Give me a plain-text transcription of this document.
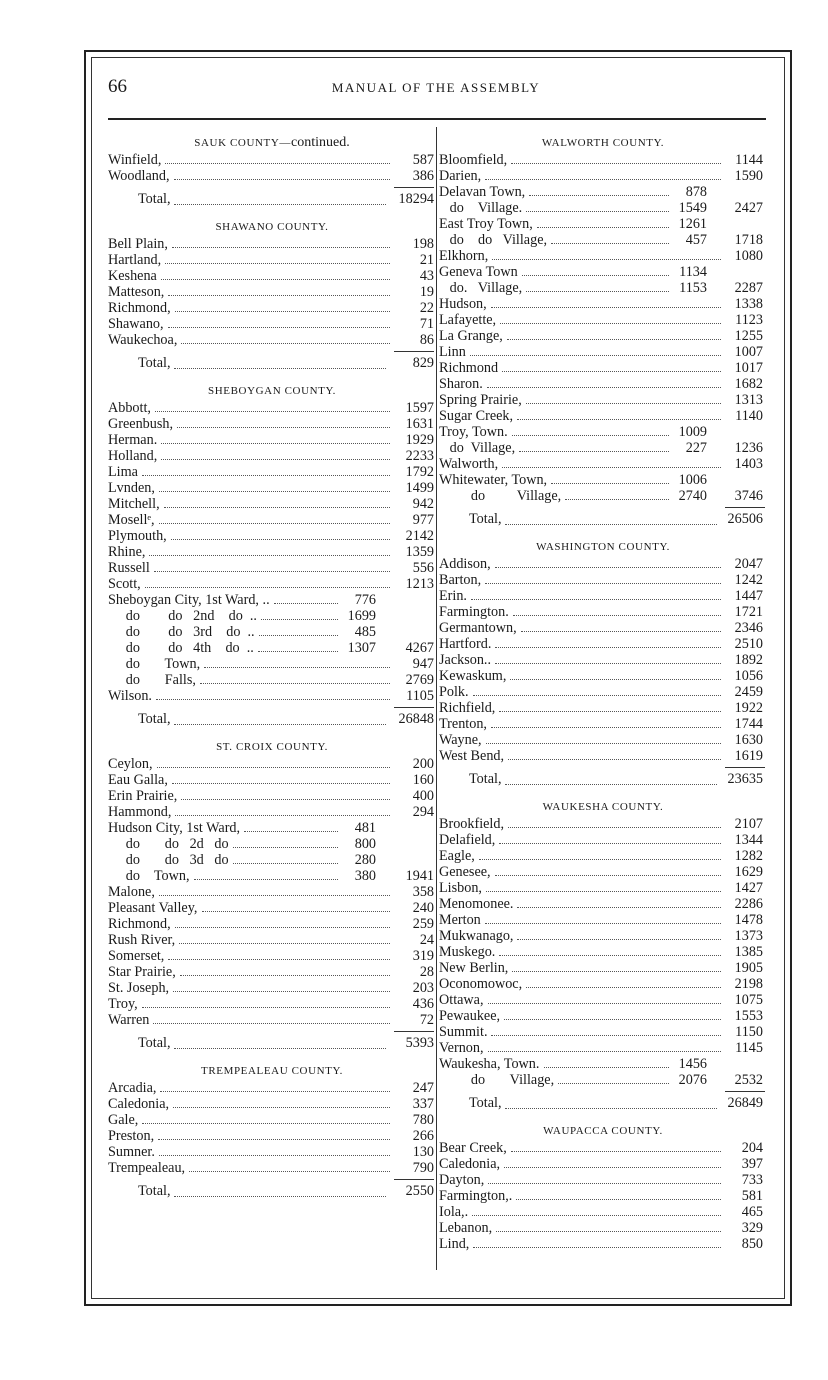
66	MANUAL OF THE ASSEMBLY
SAUK COUNTY—continued.
Winfield,	587
Woodland,	386
Total,	18294
SHAWANO COUNTY.
Bell Plain,	198
Hartland,	21
Keshena	43
Matteson,	19
Richmond,	22
Shawano,	71
Waukechoa,	86
Total,	829
SHEBOYGAN COUNTY.
Abbott,	1597
Greenbush,	1631
Herman.	1929
Holland,	2233
Lima	1792
Lvnden,	1499
Mitchell,	942
Mosellᵉ,	977
Plymouth,	2142
Rhine,	1359
Russell	556
Scott,	1213
Sheboygan City, 1st Ward, ..	776
do        do   2nd    do  ..	1699
do        do   3rd    do  ..	485
do        do   4th    do  ..	1307 4267
do       Town,	947
do       Falls,	2769
Wilson.	1105
Total,	26848
ST. CROIX COUNTY.
Ceylon,	200
Eau Galla,	160
Erin Prairie,	400
Hammond,	294
Hudson City, 1st Ward,	481
do       do   2d   do	800
do       do   3d   do	280
do    Town,	380 1941
Malone,	358
Pleasant Valley,	240
Richmond,	259
Rush River,	24
Somerset,	319
Star Prairie,	28
St. Joseph,	203
Troy,	436
Warren	72
Total,	5393
TREMPEALEAU COUNTY.
Arcadia,	247
Caledonia,	337
Gale,	780
Preston,	266
Sumner.	130
Trempealeau,	790
Total,	2550
WALWORTH COUNTY.
Bloomfield,	1144
Darien,	1590
Delavan Town,	878
do    Village.	1549 2427
East Troy Town,	1261
do    do   Village,	457 1718
Elkhorn,	1080
Geneva Town	1134
do.   Village,	1153 2287
Hudson,	1338
Lafayette,	1123
La Grange,	1255
Linn	1007
Richmond	1017
Sharon.	1682
Spring Prairie,	1313
Sugar Creek,	1140
Troy, Town.	1009
do  Village,	227 1236
Walworth,	1403
Whitewater, Town,	1006
do         Village,	2740 3746
Total,	26506
WASHINGTON COUNTY.
Addison,	2047
Barton,	1242
Erin.	1447
Farmington.	1721
Germantown,	2346
Hartford.	2510
Jackson..	1892
Kewaskum,	1056
Polk.	2459
Richfield,	1922
Trenton,	1744
Wayne,	1630
West Bend,	1619
Total,	23635
WAUKESHA COUNTY.
Brookfield,	2107
Delafield,	1344
Eagle,	1282
Genesee,	1629
Lisbon,	1427
Menomonee.	2286
Merton	1478
Mukwanago,	1373
Muskego.	1385
New Berlin,	1905
Oconomowoc,	2198
Ottawa,	1075
Pewaukee,	1553
Summit.	1150
Vernon,	1145
Waukesha, Town.	1456
do       Village,	2076 2532
Total,	26849
WAUPACCA COUNTY.
Bear Creek,	204
Caledonia,	397
Dayton,	733
Farmington,.	581
Iola,.	465
Lebanon,	329
Lind,	850
